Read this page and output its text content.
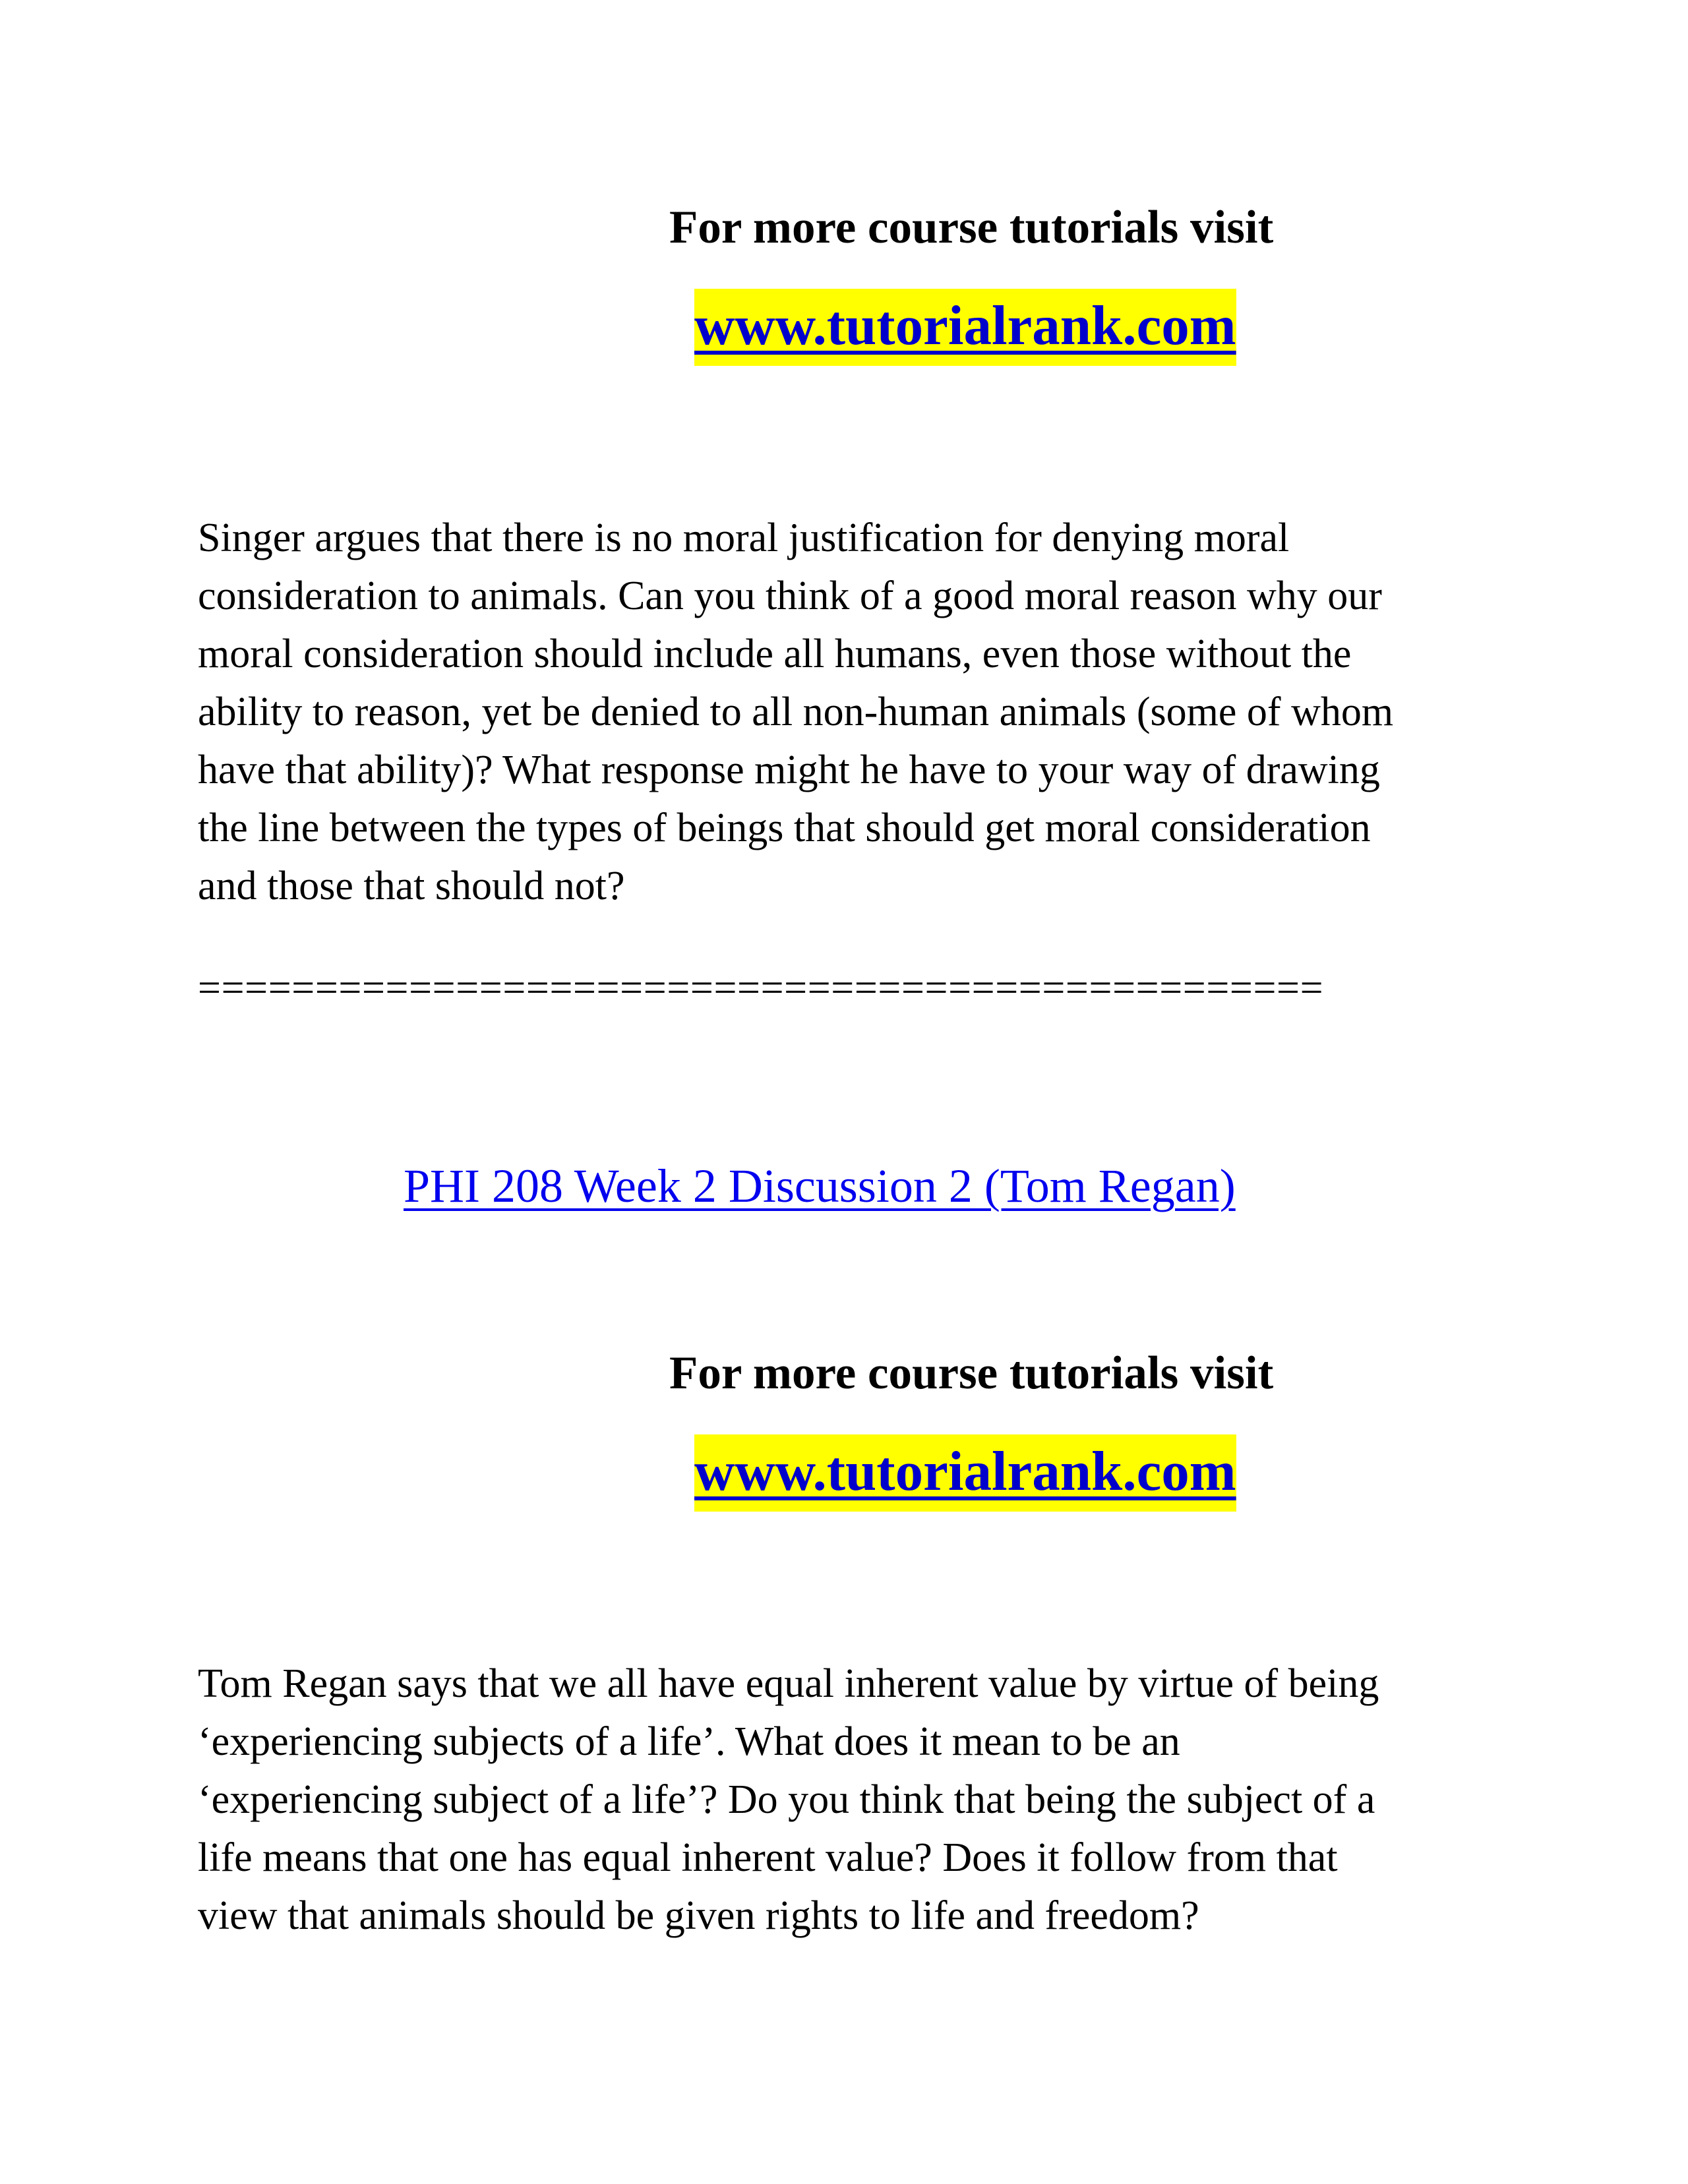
For more course tutorials visit
www.tutorialrank.com
Singer argues that there is no moral justification for denying moral
consideration to animals. Can you think of a good moral reason why our
moral consideration should include all humans, even those without the
ability to reason, yet be denied to all non-human animals (some of whom
have that ability)? What response might he have to your way of drawing
the line between the types of beings that should get moral consideration
and those that should not?
================================================
PHI 208 Week 2 Discussion 2 (Tom Regan)
For more course tutorials visit
www.tutorialrank.com
Tom Regan says that we all have equal inherent value by virtue of being
‘experiencing subjects of a life’. What does it mean to be an
‘experiencing subject of a life’? Do you think that being the subject of a
life means that one has equal inherent value? Does it follow from that
view that animals should be given rights to life and freedom?
